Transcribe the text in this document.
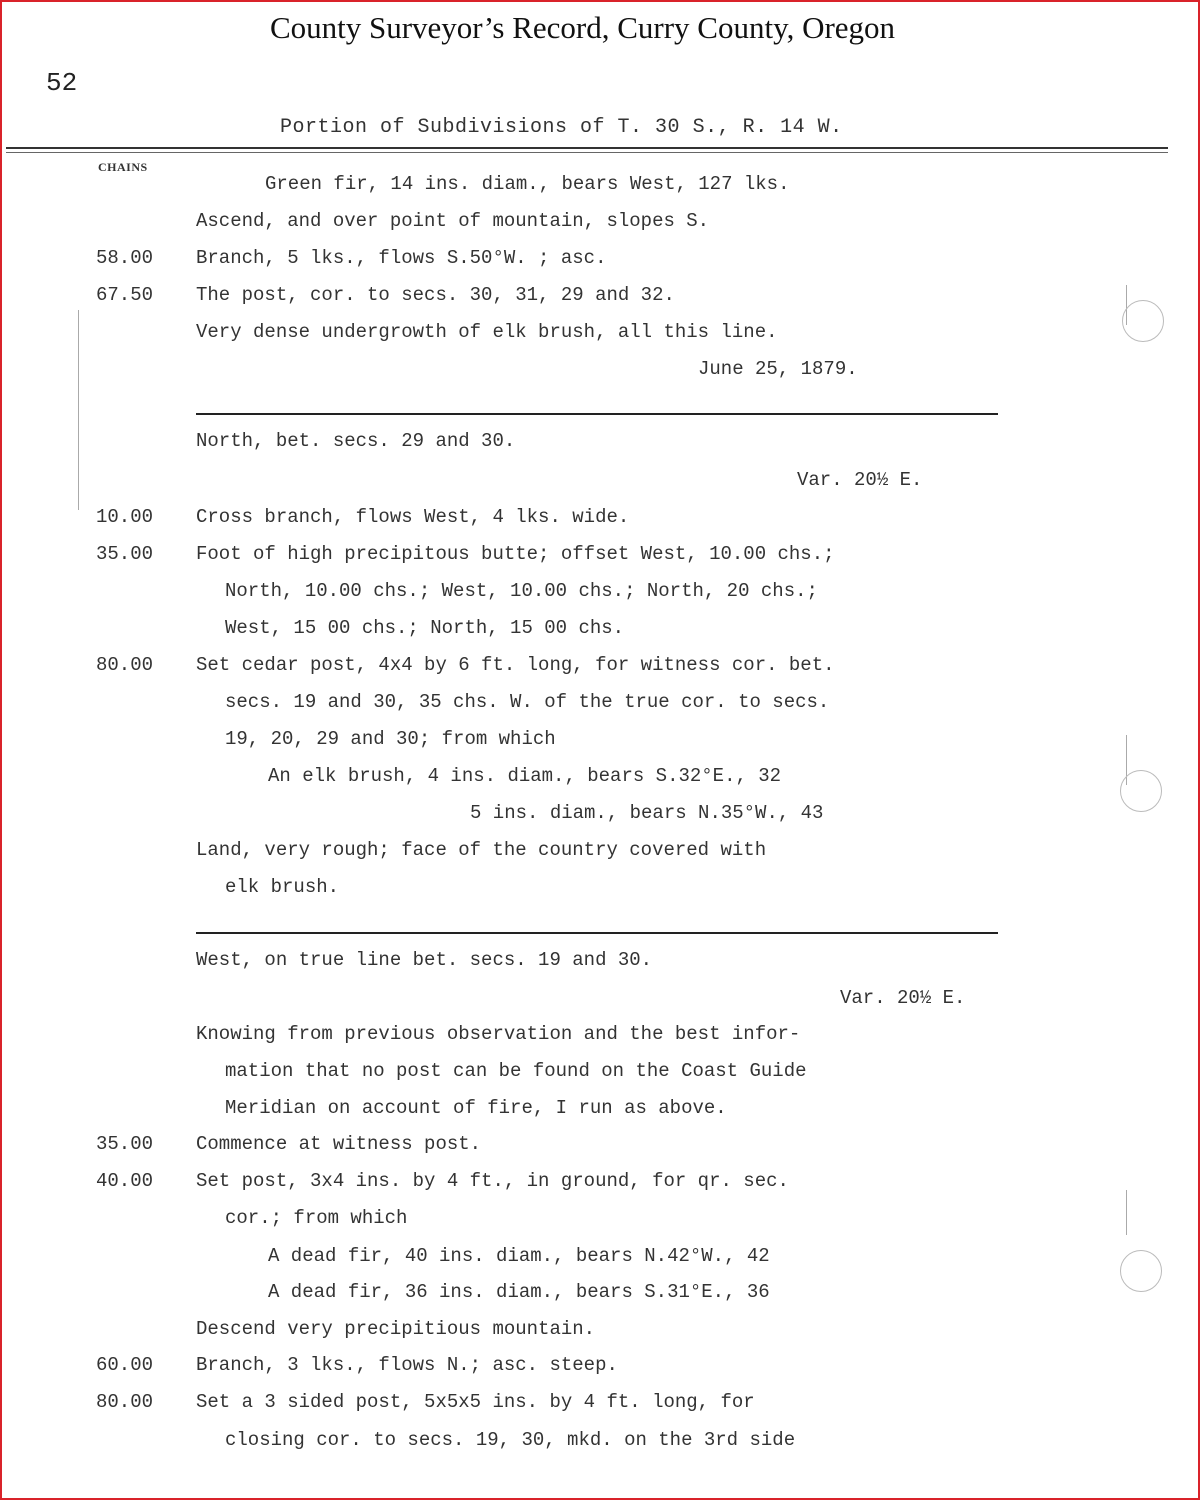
County Surveyor’s Record, Curry County, Oregon
52
Portion of Subdivisions of T. 30 S., R. 14 W.
CHAINS
Green fir, 14 ins. diam., bears West, 127 lks.
Ascend, and over point of mountain, slopes S.
58.00 Branch, 5 lks., flows S.50°W. ; asc.
67.50 The post, cor. to secs. 30, 31, 29 and 32.
Very dense undergrowth of elk brush, all this line.
June 25, 1879.
North, bet. secs. 29 and 30.
Var. 20½ E.
10.00 Cross branch, flows West, 4 lks. wide.
35.00 Foot of high precipitous butte; offset West, 10.00 chs.;
North, 10.00 chs.; West, 10.00 chs.; North, 20 chs.;
West, 15 00 chs.; North, 15 00 chs.
80.00 Set cedar post, 4x4 by 6 ft. long, for witness cor. bet.
secs. 19 and 30, 35 chs. W. of the true cor. to secs.
19, 20, 29 and 30; from which
An elk brush, 4 ins. diam., bears S.32°E., 32
5 ins. diam., bears N.35°W., 43
Land, very rough; face of the country covered with
elk brush.
West, on true line bet. secs. 19 and 30.
Var. 20½ E.
Knowing from previous observation and the best infor-
mation that no post can be found on the Coast Guide
Meridian on account of fire, I run as above.
35.00 Commence at witness post.
40.00 Set post, 3x4 ins. by 4 ft., in ground, for qr. sec.
cor.; from which
A dead fir, 40 ins. diam., bears N.42°W., 42
A dead fir, 36 ins. diam., bears S.31°E., 36
Descend very precipitious mountain.
60.00 Branch, 3 lks., flows N.; asc. steep.
80.00 Set a 3 sided post, 5x5x5 ins. by 4 ft. long, for
closing cor. to secs. 19, 30, mkd. on the 3rd side
